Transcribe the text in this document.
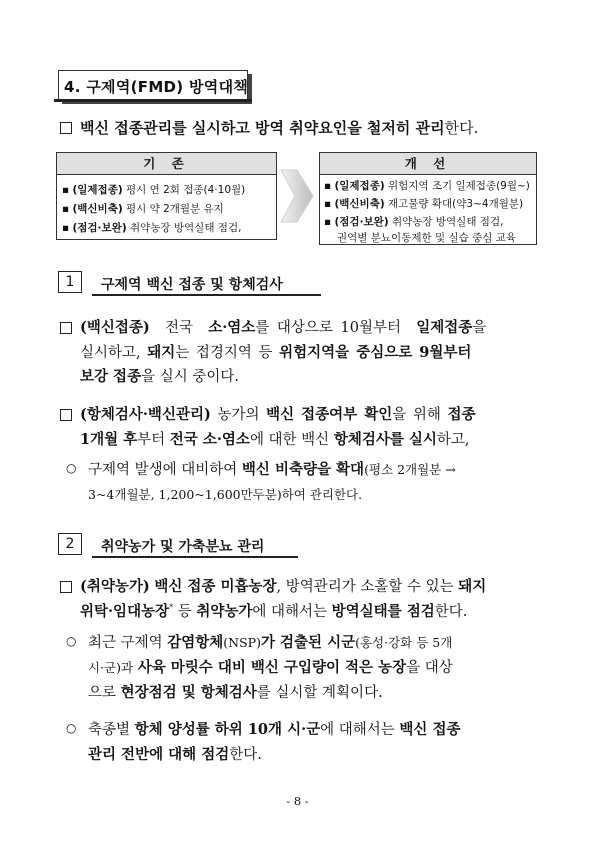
4. 구제역(FMD) 방역대책
백신 접종관리를 실시하고 방역 취약요인을 철저히 관리한다.
기 존
▪ (일제접종) 평시 연 2회 접종(4·10월)
▪ (백신비축) 평시 약 2개월분 유지
▪ (점검·보완) 취약농장 방역실태 점검,
개 선
▪ (일제접종) 위험지역 조기 일제접종(9월~)
▪ (백신비축) 재고물량 확대(약3~4개월분)
▪ (점검·보완) 취약농장 방역실태 점검,
권역별 분뇨이동제한 및 실습 중심 교육
1	구제역 백신 접종 및 항체검사
(백신접종) 전국 소·염소를 대상으로 10월부터 일제접종을
실시하고, 돼지는 접경지역 등 위험지역을 중심으로 9월부터
보강 접종을 실시 중이다.
(항체검사·백신관리) 농가의 백신 접종여부 확인을 위해 접종
1개월 후부터 전국 소·염소에 대한 백신 항체검사를 실시하고,
○ 구제역 발생에 대비하여 백신 비축량을 확대(평소 2개월분 →
3~4개월분, 1,200~1,600만두분)하여 관리한다.
2	취약농가 및 가축분뇨 관리
(취약농가) 백신 접종 미흡농장, 방역관리가 소홀할 수 있는 돼지
위탁·임대농장* 등 취약농가에 대해서는 방역실태를 점검한다.
○ 최근 구제역 감염항체(NSP)가 검출된 시군(홍성·강화 등 5개
시·군)과 사육 마릿수 대비 백신 구입량이 적은 농장을 대상
으로 현장점검 및 항체검사를 실시할 계획이다.
○ 축종별 항체 양성률 하위 10개 시·군에 대해서는 백신 접종
관리 전반에 대해 점검한다.
- 8 -
